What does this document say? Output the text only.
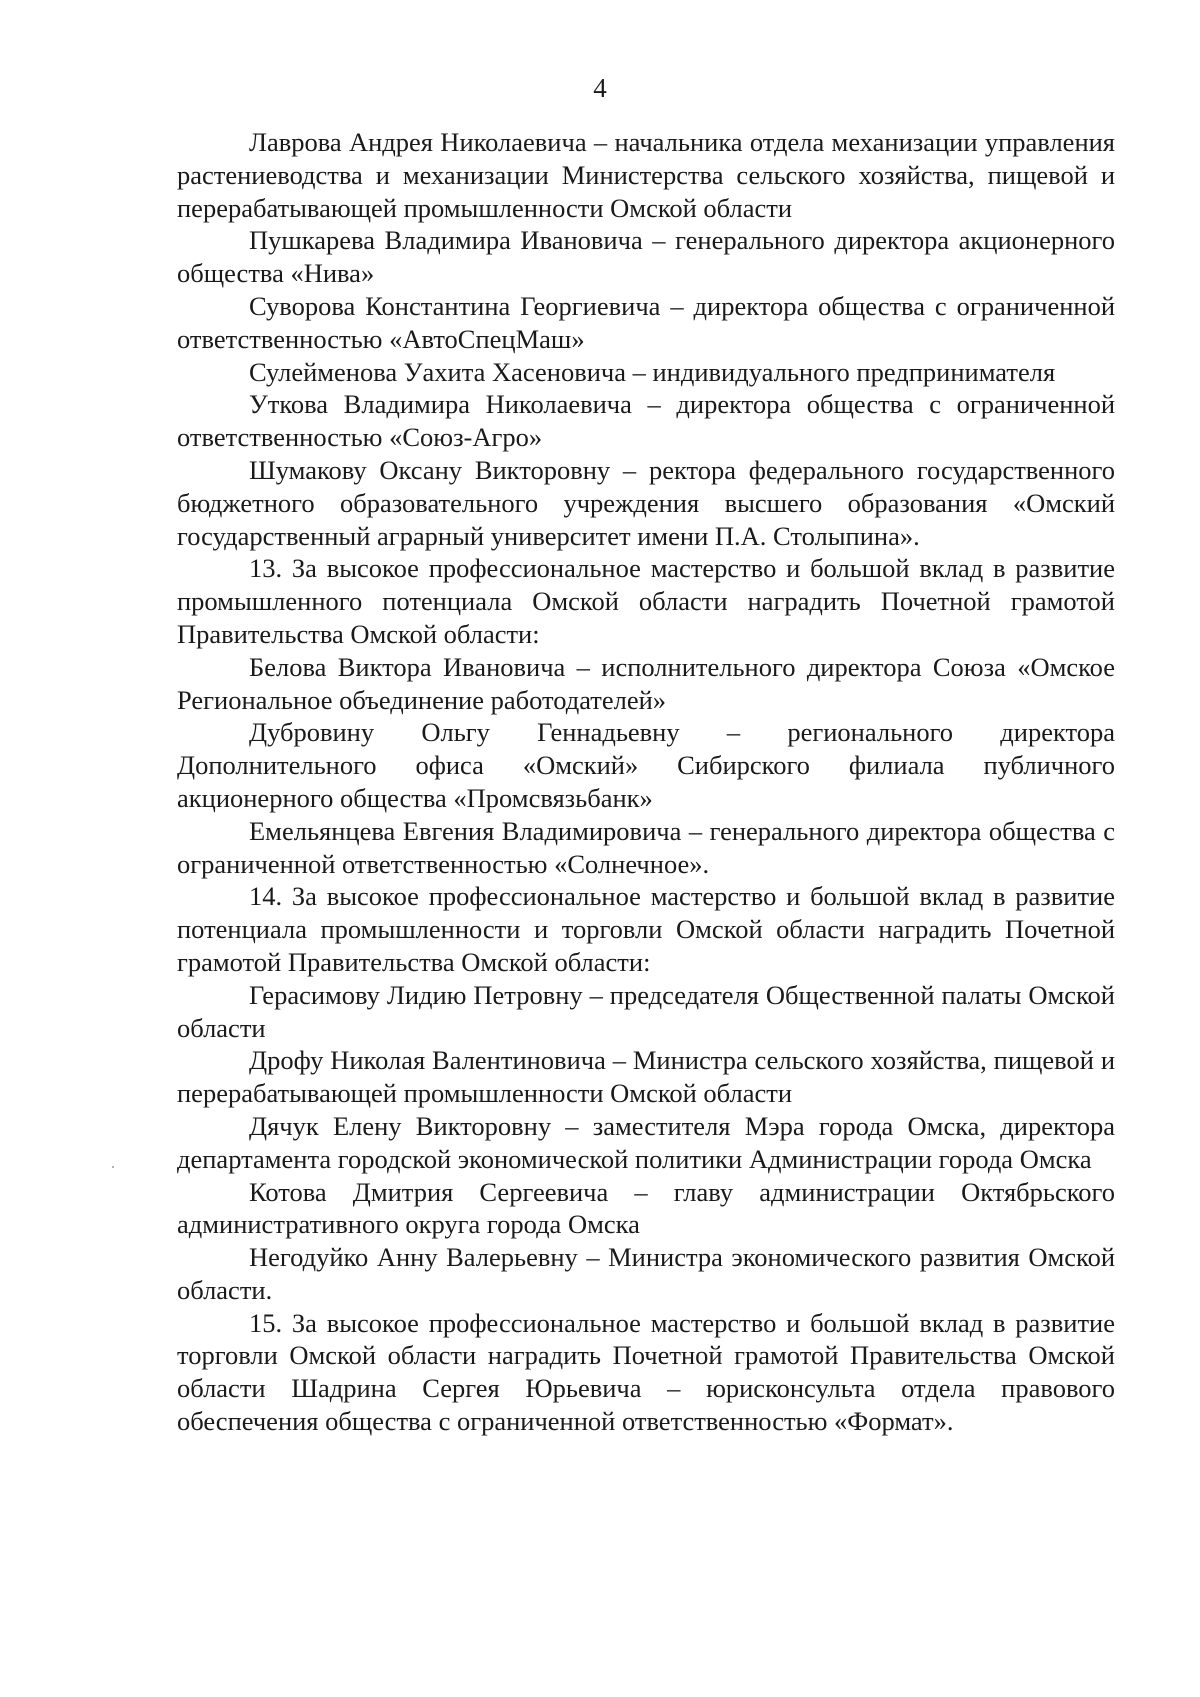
4

Лаврова Андрея Николаевича – начальника отдела механизации управления растениеводства и механизации Министерства сельского хозяйства, пищевой и перерабатывающей промышленности Омской области

Пушкарева Владимира Ивановича – генерального директора акционерного общества «Нива»

Суворова Константина Георгиевича – директора общества с ограниченной ответственностью «АвтоСпецМаш»

Сулейменова Уахита Хасеновича – индивидуального предпринимателя

Уткова Владимира Николаевича – директора общества с ограниченной ответственностью «Союз-Агро»

Шумакову Оксану Викторовну – ректора федерального государственного бюджетного образовательного учреждения высшего образования «Омский государственный аграрный университет имени П.А. Столыпина».

13. За высокое профессиональное мастерство и большой вклад в развитие промышленного потенциала Омской области наградить Почетной грамотой Правительства Омской области:

Белова Виктора Ивановича – исполнительного директора Союза «Омское Региональное объединение работодателей»

Дубровину Ольгу Геннадьевну – регионального директора Дополнительного офиса «Омский» Сибирского филиала публичного акционерного общества «Промсвязьбанк»

Емельянцева Евгения Владимировича – генерального директора общества с ограниченной ответственностью «Солнечное».

14. За высокое профессиональное мастерство и большой вклад в развитие потенциала промышленности и торговли Омской области наградить Почетной грамотой Правительства Омской области:

Герасимову Лидию Петровну – председателя Общественной палаты Омской области

Дрофу Николая Валентиновича – Министра сельского хозяйства, пищевой и перерабатывающей промышленности Омской области

Дячук Елену Викторовну – заместителя Мэра города Омска, директора департамента городской экономической политики Администрации города Омска

Котова Дмитрия Сергеевича – главу администрации Октябрьского административного округа города Омска

Негодуйко Анну Валерьевну – Министра экономического развития Омской области.

15. За высокое профессиональное мастерство и большой вклад в развитие торговли Омской области наградить Почетной грамотой Правительства Омской области Шадрина Сергея Юрьевича – юрисконсульта отдела правового обеспечения общества с ограниченной ответственностью «Формат».
